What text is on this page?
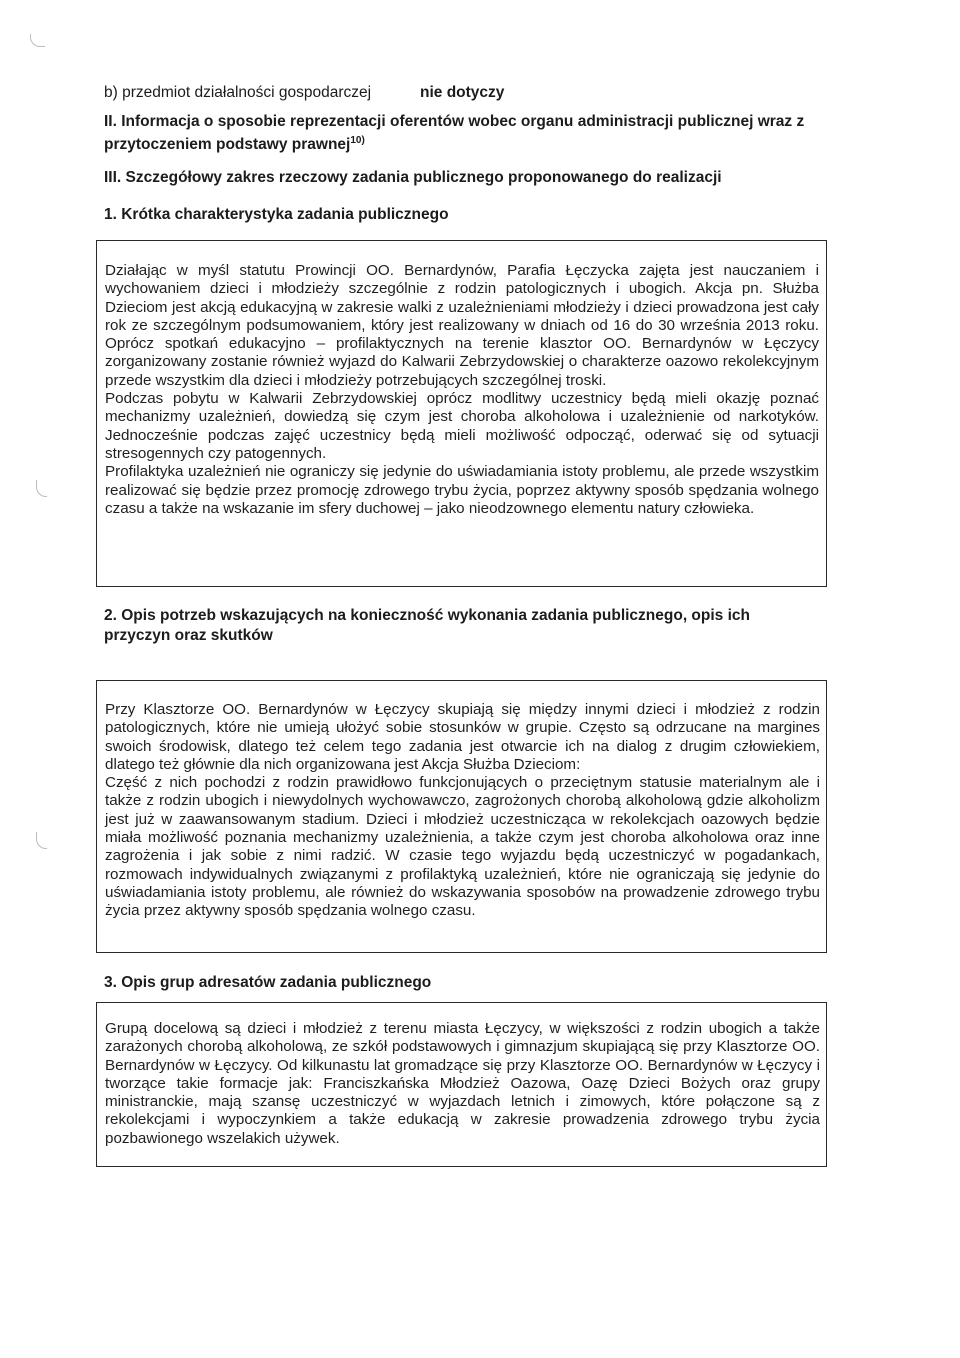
b) przedmiot działalności gospodarczej	nie dotyczy
II. Informacja o sposobie reprezentacji oferentów wobec organu administracji publicznej wraz z przytoczeniem podstawy prawnej$^{10)}$
III. Szczegółowy zakres rzeczowy zadania publicznego proponowanego do realizacji
1. Krótka charakterystyka zadania publicznego

Działając w myśl statutu Prowincji OO. Bernardynów, Parafia Łęczycka zajęta jest nauczaniem i wychowaniem dzieci i młodzieży szczególnie z rodzin patologicznych i ubogich. Akcja pn. Służba Dzieciom jest akcją edukacyjną w zakresie walki z uzależnieniami młodzieży i dzieci prowadzona jest cały rok ze szczególnym podsumowaniem, który jest realizowany w dniach od 16 do 30 września 2013 roku. Oprócz spotkań edukacyjno – profilaktycznych na terenie klasztor OO. Bernardynów w Łęczycy zorganizowany zostanie również wyjazd do Kalwarii Zebrzydowskiej o charakterze oazowo rekolekcyjnym przede wszystkim dla dzieci i młodzieży potrzebujących szczególnej troski.

Podczas pobytu w Kalwarii Zebrzydowskiej oprócz modlitwy uczestnicy będą mieli okazję poznać mechanizmy uzależnień, dowiedzą się czym jest choroba alkoholowa i uzależnienie od narkotyków. Jednocześnie podczas zajęć uczestnicy będą mieli możliwość odpocząć, oderwać się od sytuacji stresogennych czy patogennych.

Profilaktyka uzależnień nie ograniczy się jedynie do uświadamiania istoty problemu, ale przede wszystkim realizować się będzie przez promocję zdrowego trybu życia, poprzez aktywny sposób spędzania wolnego czasu a także na wskazanie im sfery duchowej – jako nieodzownego elementu natury człowieka.

2. Opis potrzeb wskazujących na konieczność wykonania zadania publicznego, opis ich przyczyn oraz skutków

Przy Klasztorze OO. Bernardynów w Łęczycy skupiają się między innymi dzieci i młodzież z rodzin patologicznych, które nie umieją ułożyć sobie stosunków w grupie. Często są odrzucane na margines swoich środowisk, dlatego też celem tego zadania jest otwarcie ich na dialog z drugim człowiekiem, dlatego też głównie dla nich organizowana jest Akcja Służba Dzieciom:

Część z nich pochodzi z rodzin prawidłowo funkcjonujących o przeciętnym statusie materialnym ale i także z rodzin ubogich i niewydolnych wychowawczo, zagrożonych chorobą alkoholową gdzie alkoholizm jest już w zaawansowanym stadium. Dzieci i młodzież uczestnicząca w rekolekcjach oazowych będzie miała możliwość poznania mechanizmy uzależnienia, a także czym jest choroba alkoholowa oraz inne zagrożenia i jak sobie z nimi radzić. W czasie tego wyjazdu będą uczestniczyć w pogadankach, rozmowach indywidualnych związanymi z profilaktyką uzależnień, które nie ograniczają się jedynie do uświadamiania istoty problemu, ale również do wskazywania sposobów na prowadzenie zdrowego trybu życia przez aktywny sposób spędzania wolnego czasu.

3. Opis grup adresatów zadania publicznego

Grupą docelową są dzieci i młodzież z terenu miasta Łęczycy, w większości z rodzin ubogich a także zarażonych chorobą alkoholową, ze szkół podstawowych i gimnazjum skupiającą się przy Klasztorze OO. Bernardynów w Łęczycy. Od kilkunastu lat gromadzące się przy Klasztorze OO. Bernardynów w Łęczycy i tworzące takie formacje jak: Franciszkańska Młodzież Oazowa, Oazę Dzieci Bożych oraz grupy ministranckie, mają szansę uczestniczyć w wyjazdach letnich i zimowych, które połączone są z rekolekcjami i wypoczynkiem a także edukacją w zakresie prowadzenia zdrowego trybu życia pozbawionego wszelakich używek.
